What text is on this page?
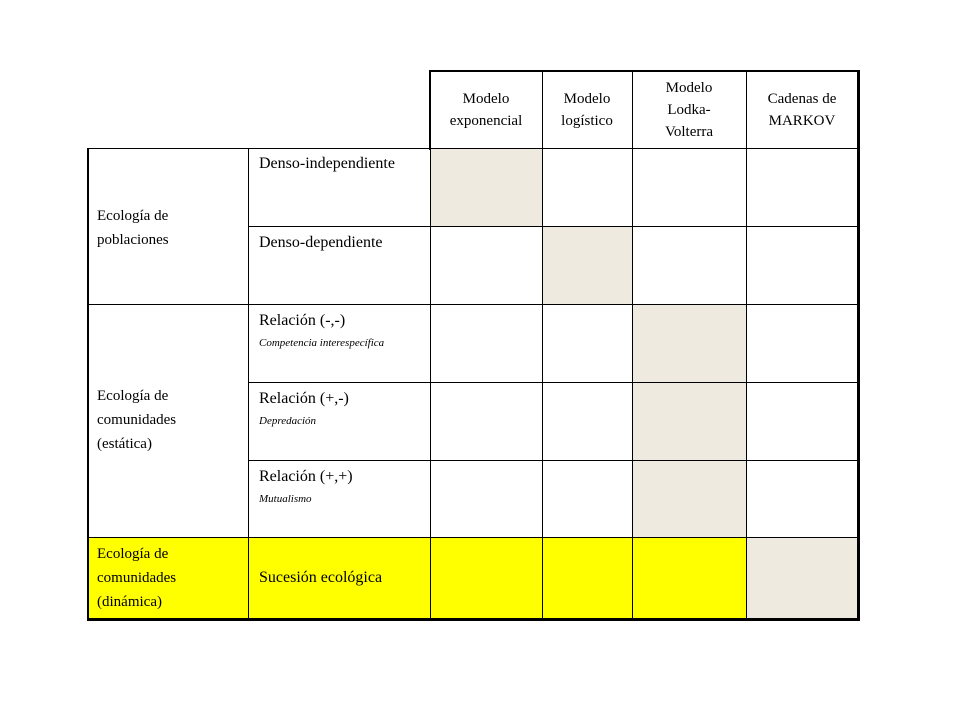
Modelo
exponencial
Modelo
logístico
Modelo
Lodka-
Volterra
Cadenas de
MARKOV
Ecología de
poblaciones
Ecología de
comunidades
(estática)
Ecología de
comunidades
(dinámica)
Denso-independiente
Denso-dependiente
Relación (-,-)
Competencia interespecífica
Relación (+,-)
Depredación
Relación (+,+)
Mutualismo
Sucesión ecológica
